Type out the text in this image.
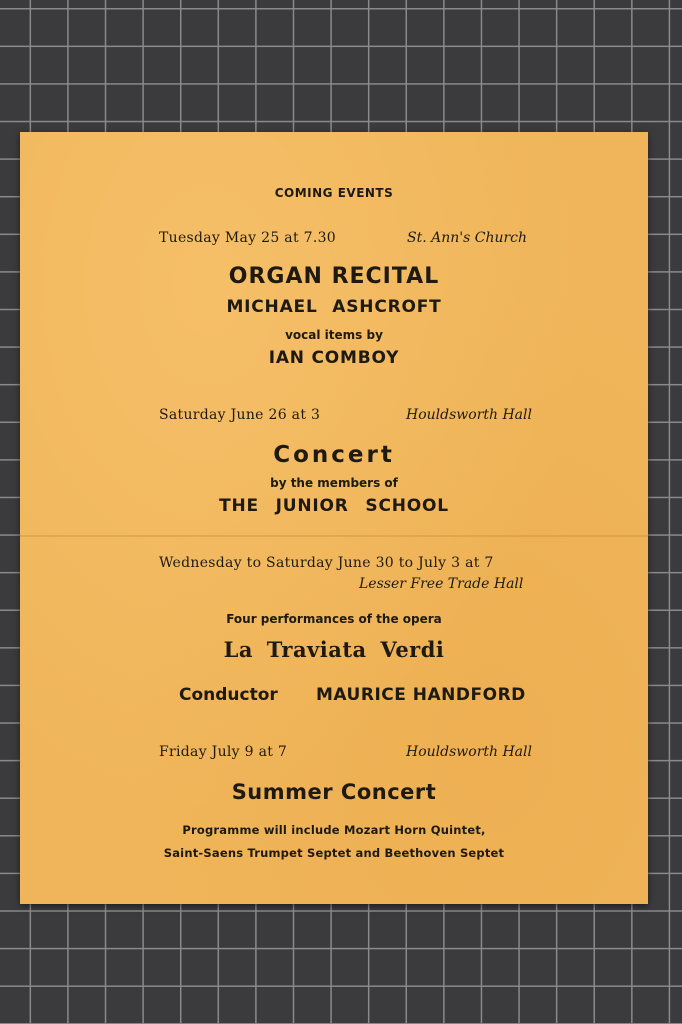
COMING EVENTS
Tuesday May 25 at 7.30	St. Ann's Church
ORGAN RECITAL
MICHAEL ASHCROFT
vocal items by
IAN COMBOY
Saturday June 26 at 3	Houldsworth Hall
Concert
by the members of
THE JUNIOR SCHOOL
Wednesday to Saturday June 30 to July 3 at 7
Lesser Free Trade Hall
Four performances of the opera
La Traviata Verdi
Conductor MAURICE HANDFORD
Friday July 9 at 7	Houldsworth Hall
Summer Concert
Programme will include Mozart Horn Quintet,
Saint-Saens Trumpet Septet and Beethoven Septet
